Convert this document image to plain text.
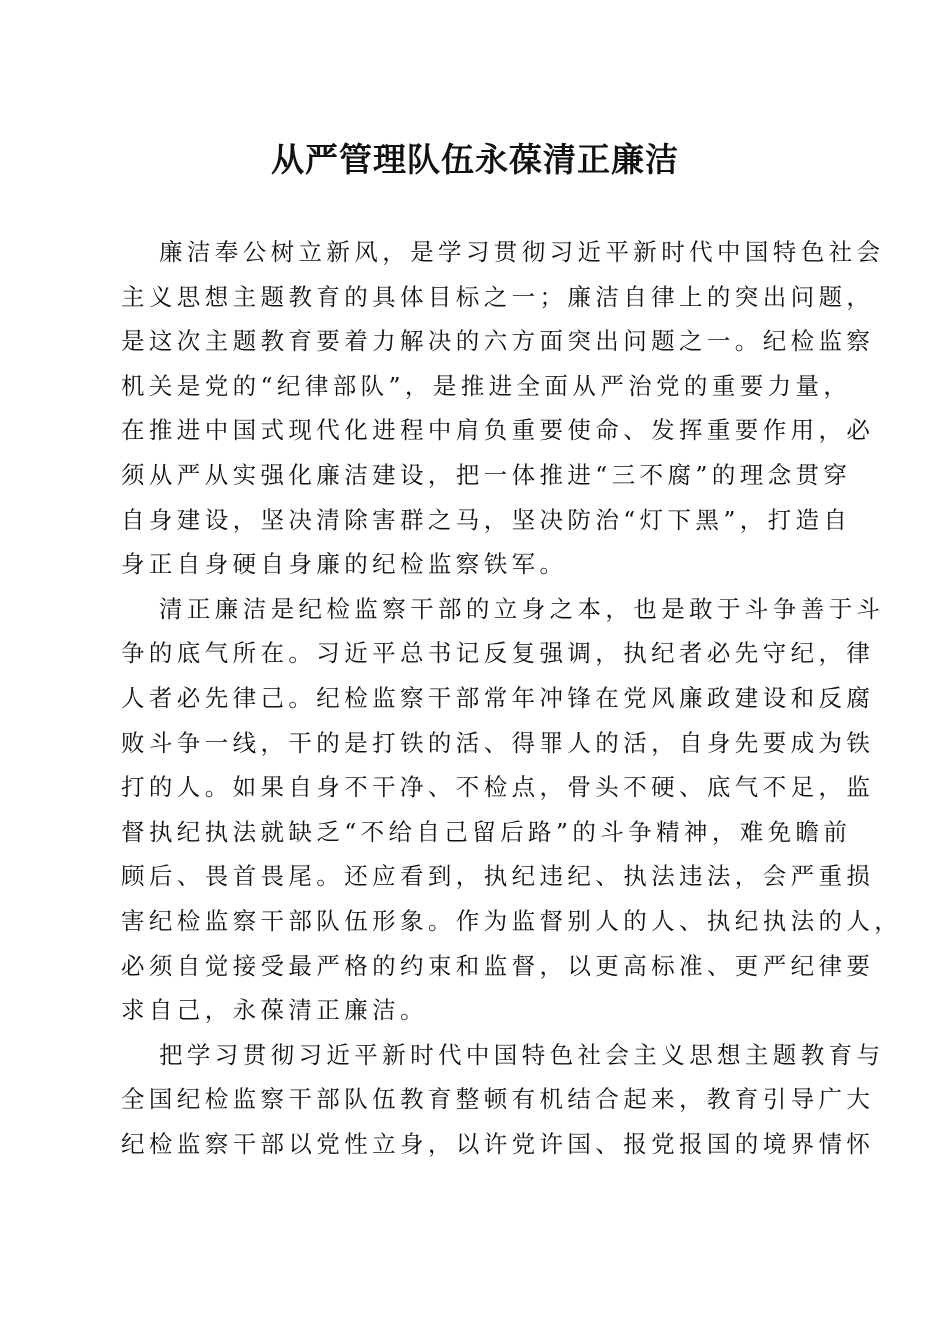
从严管理队伍永葆清正廉洁
廉洁奉公树立新风，是学习贯彻习近平新时代中国特色社会
主义思想主题教育的具体目标之一；廉洁自律上的突出问题，
是这次主题教育要着力解决的六方面突出问题之一。纪检监察
机关是党的“纪律部队”，是推进全面从严治党的重要力量，
在推进中国式现代化进程中肩负重要使命、发挥重要作用，必
须从严从实强化廉洁建设，把一体推进“三不腐”的理念贯穿
自身建设，坚决清除害群之马，坚决防治“灯下黑”，打造自
身正自身硬自身廉的纪检监察铁军。
清正廉洁是纪检监察干部的立身之本，也是敢于斗争善于斗
争的底气所在。习近平总书记反复强调，执纪者必先守纪，律
人者必先律己。纪检监察干部常年冲锋在党风廉政建设和反腐
败斗争一线，干的是打铁的活、得罪人的活，自身先要成为铁
打的人。如果自身不干净、不检点，骨头不硬、底气不足，监
督执纪执法就缺乏“不给自己留后路”的斗争精神，难免瞻前
顾后、畏首畏尾。还应看到，执纪违纪、执法违法，会严重损
害纪检监察干部队伍形象。作为监督别人的人、执纪执法的人，
必须自觉接受最严格的约束和监督，以更高标准、更严纪律要
求自己，永葆清正廉洁。
把学习贯彻习近平新时代中国特色社会主义思想主题教育与
全国纪检监察干部队伍教育整顿有机结合起来，教育引导广大
纪检监察干部以党性立身，以许党许国、报党报国的境界情怀
